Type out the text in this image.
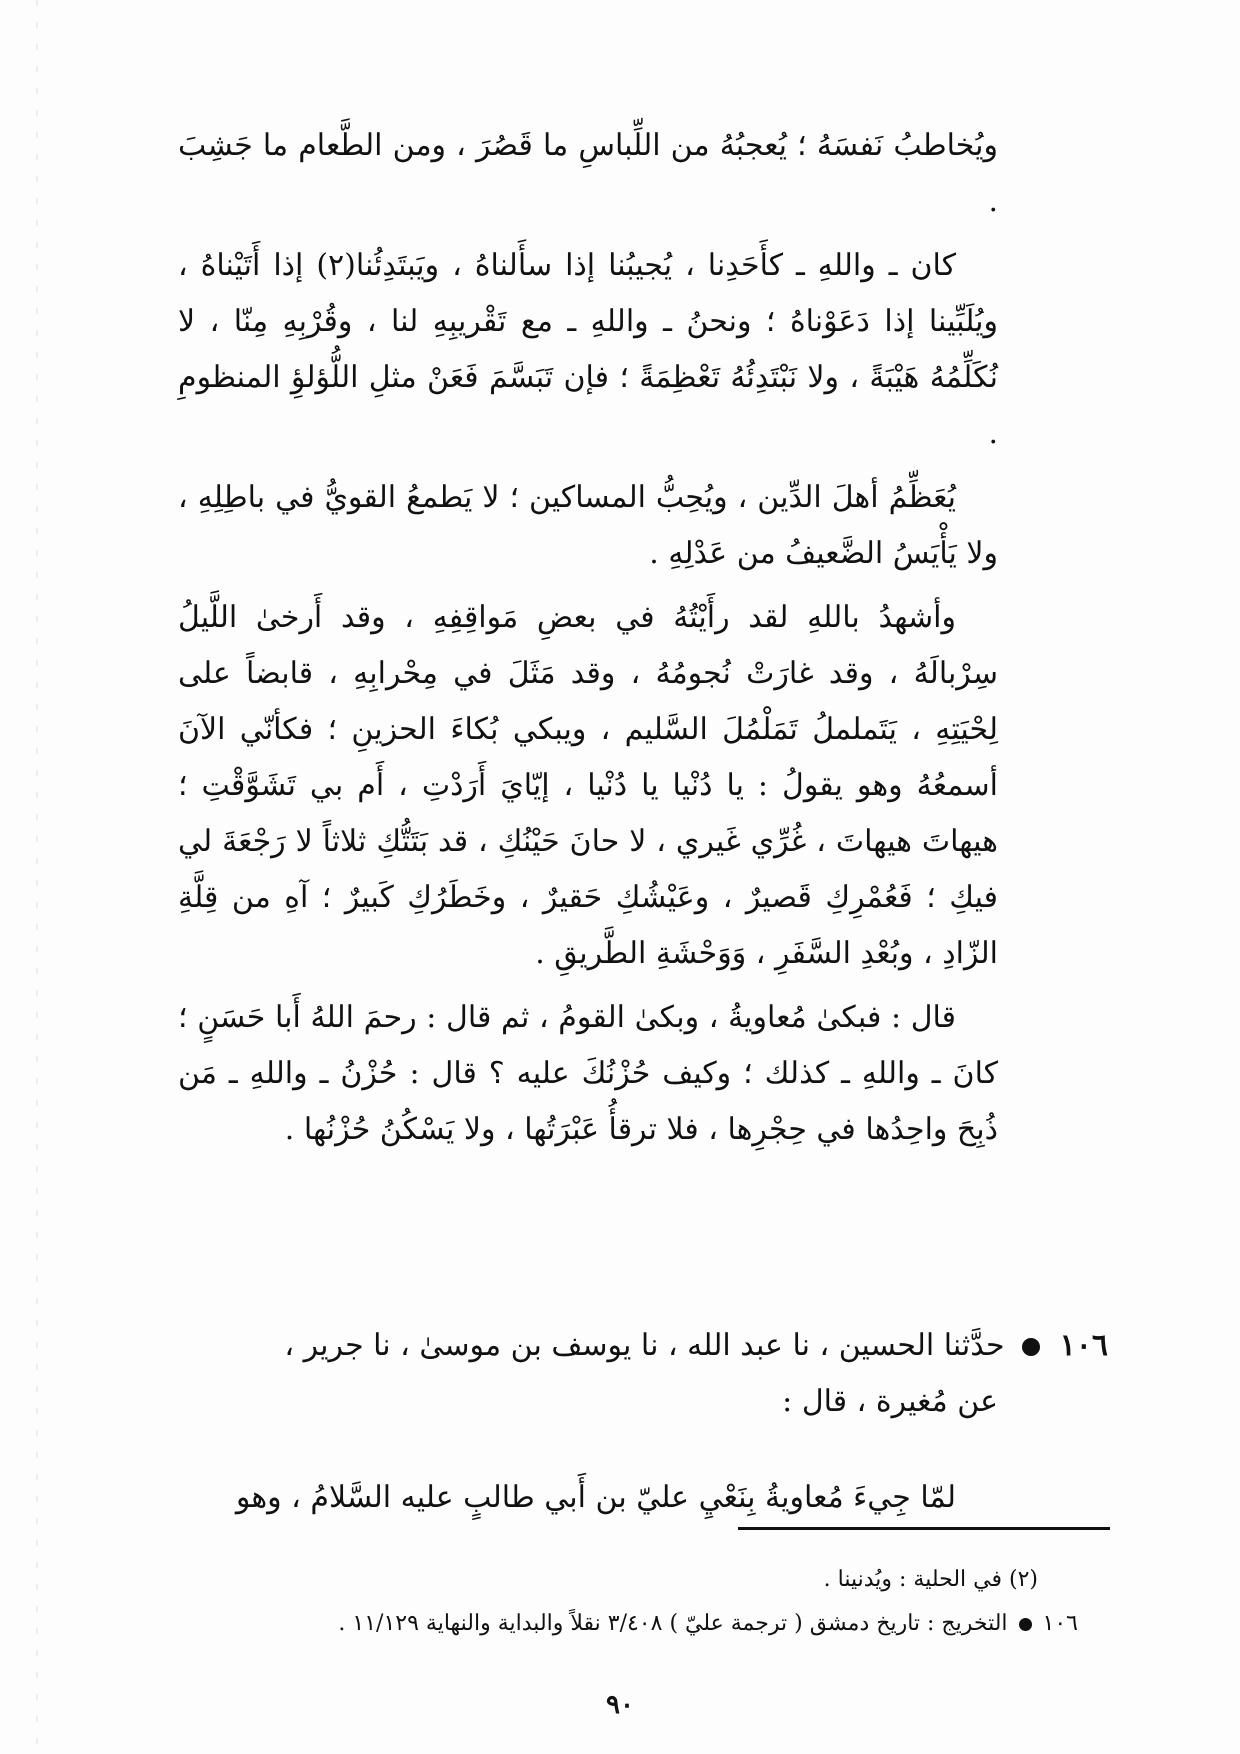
ويُخاطبُ نَفسَهُ ؛ يُعجبُهُ من اللِّباسِ ما قَصُرَ ، ومن الطَّعام ما جَشِبَ .

كان ـ واللهِ ـ كأَحَدِنا ، يُجيبُنا إذا سأَلناهُ ، ويَبتَدِئُنا(٢) إذا أَتَيْناهُ ، ويُلَبِّينا إذا دَعَوْناهُ ؛ ونحنُ ـ واللهِ ـ مع تَقْريبِهِ لنا ، وقُرْبِهِ مِنّا ، لا نُكَلِّمُهُ هَيْبَةً ، ولا نَبْتَدِئُهُ تَعْظِمَةً ؛ فإن تَبَسَّمَ فَعَنْ مثلِ اللُّؤلؤِ المنظومِ .

يُعَظِّمُ أهلَ الدِّين ، ويُحِبُّ المساكين ؛ لا يَطمعُ القويُّ في باطِلِهِ ، ولا يَأْيَسُ الضَّعيفُ من عَدْلِهِ .

وأشهدُ باللهِ لقد رأَيْتُهُ في بعضِ مَواقِفِهِ ، وقد أَرخىٰ اللَّيلُ سِرْبالَهُ ، وقد غارَتْ نُجومُهُ ، وقد مَثَلَ في مِحْرابِهِ ، قابضاً على لِحْيَتِهِ ، يَتَململُ تَمَلْمُلَ السَّليم ، ويبكي بُكاءَ الحزينِ ؛ فكأنّي الآنَ أسمعُهُ وهو يقولُ : يا دُنْيا يا دُنْيا ، إيّايَ أَرَدْتِ ، أَم بي تَشَوَّقْتِ ؛ هيهاتَ هيهاتَ ، غُرِّي غَيري ، لا حانَ حَيْنُكِ ، قد بَتَتُّكِ ثلاثاً لا رَجْعَةَ لي فيكِ ؛ فَعُمْرِكِ قَصيرٌ ، وعَيْشُكِ حَقيرٌ ، وخَطَرُكِ كَبيرٌ ؛ آهِ من قِلَّةِ الزّادِ ، وبُعْدِ السَّفَرِ ، وَوَحْشَةِ الطَّريقِ .

قال : فبكىٰ مُعاويةُ ، وبكىٰ القومُ ، ثم قال : رحمَ اللهُ أَبا حَسَنٍ ؛ كانَ ـ واللهِ ـ كذلك ؛ وكيف حُزْنُكَ عليه ؟ قال : حُزْنُ ـ واللهِ ـ مَن ذُبِحَ واحِدُها في حِجْرِها ، فلا ترقأُ عَبْرَتُها ، ولا يَسْكُنُ حُزْنُها .

١٠٦  حدَّثنا الحسين ، نا عبد الله ، نا يوسف بن موسىٰ ، نا جرير ،
عن مُغيرة ، قال :

لمّا جِيءَ مُعاويةُ بِنَعْيِ عليّ بن أَبي طالبٍ عليه السَّلامُ ، وهو

(٢) في الحلية : ويُدنينا .
١٠٦  التخريج : تاريخ دمشق ( ترجمة عليّ ) ٣/٤٠٨ نقلاً والبداية والنهاية ١١/١٢٩ .
٩٠
